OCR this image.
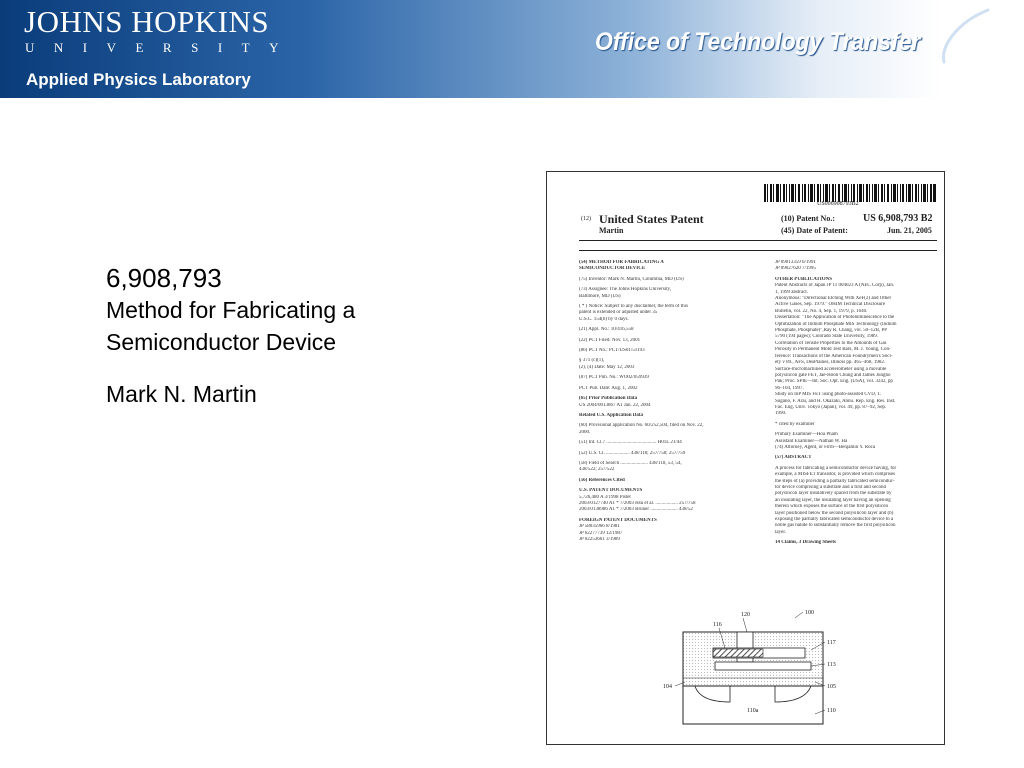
JOHNS HOPKINS
UNIVERSITY
Applied Physics Laboratory
Office of Technology Transfer
6,908,793
Method for Fabricating a Semiconductor Device
Mark N. Martin
US006908793B2
(12) United States Patent
Martin
(10) Patent No.:	US 6,908,793 B2
(45) Date of Patent:	Jun. 21, 2005
(54) METHOD FOR FABRICATING A
SEMICONDUCTOR DEVICE
(75) Inventor: Mark N. Martin, Columbia, MD (US)
(73) Assignee: The Johns Hopkins University,
Baltimore, MD (US)
( * ) Notice: Subject to any disclaimer, the term of this
patent is extended or adjusted under 35
U.S.C. 154(b) by 0 days.
(21) Appl. No.: 10/416,558
(22) PCT Filed: Nov. 13, 2001
(86) PCT No.: PCT/US01/51193
§ 371 (c)(1),
(2), (4) Date: May 12, 2003
(87) PCT Pub. No.: WO02/059939
PCT Pub. Date: Aug. 1, 2002
(65) Prior Publication Data
US 2004/0013867 A1 Jan. 22, 2004
Related U.S. Application Data
(60) Provisional application No. 60/252,504, filed on Nov. 22,
2000.
(51) Int. Cl.7 ........................................ H01L 21/44
(52) U.S. Cl. ................... 438/118; 257/758; 257/759
(58) Field of Search ...................... 438/118, 53, 54,
438/522; 257/522
(56) References Cited
U.S. PATENT DOCUMENTS
5,726,480 A 3/1998 Pister
2003/0127740 A1 * 7/2003 Hsu et al. .................. 257/758
2003/0138986 A1 * 7/2003 Bruner ...................... 438/52
FOREIGN PATENT DOCUMENTS
JP 58035966 8/1981
JP 62277739 12/1987
JP 02253661 3/1989
JP 09013359 6/1991
JP 09027620 7/1995
OTHER PUBLICATIONS
Patent Abstracts of Japan JP 11 004023 A (NEC Corp), Jan.
1, 1999 abstract.
Anonymous: "Directional Etching With XeF(2) and Other
Active Gases, Sep. 1979." OHIM Technical Disclosure
Bulletin, vol. 22, No. 4, Sep. 1, 1979, p. 1640.
Dissertation: "The Application of Photoluminescence to the
Optimization of Indium Phosphate MIS Technology (Indium
Phosphate, Phosphate)",Ray R. Chang, vol. 50–12B, PP
5790 (194 pages); Colorado State University, 1989.
Correlation of Tensile Properties to the Amounts of Gas
Porosity in Permanent Mold Test Bars, M. J. Young, Con-
ference: Transactions of the American Foundrymen's Soci-
ety v 89., AFS, DesPlaines, Illinois pp. 465–468, 1982.
Surface-micromachined accelerometer using a movable
polysilicon gate FET, Jae-Hoon Chung and James Jungho
Pak; Proc. SPIE—Int. Soc. Opt. Eng. (USA), vol. 3242, pp
96–104, 1997.
Study on InP MIS FET using photo-assisted CVD, T.
Sugano, F. Arai, and H. Okazaki, Annu. Rep. Eng. Res. Inst.
Fac. Eng. Univ. Tokyo (Japan), vol. 49, pp. 87–92, Sep.
1990.
* cited by examiner
Primary Examiner—Hoa Pham
Assistant Examiner—Nathan W. Ha
(74) Attorney, Agent, or Firm—Benjamin Y. Roca
(57) ABSTRACT
A process for fabricating a semiconductor device having, for
example, a MISFET transistor, is provided which comprises
the steps of (a) providing a partially fabricated semiconduc-
tor device comprising a substrate and a first and second
polysilicon layer insulatively spaced from the substrate by
an insulating layer, the insulating layer having an opening
therein which exposes the surface of the first polysilicon
layer positioned below the second polysilicon layer and (b)
exposing the partially fabricated semiconductor device to a
noble gas halide to substantially remove the first polysilicon
layer.
14 Claims, 3 Drawing Sheets
100
120
116
117
113
105
104
110a	110
